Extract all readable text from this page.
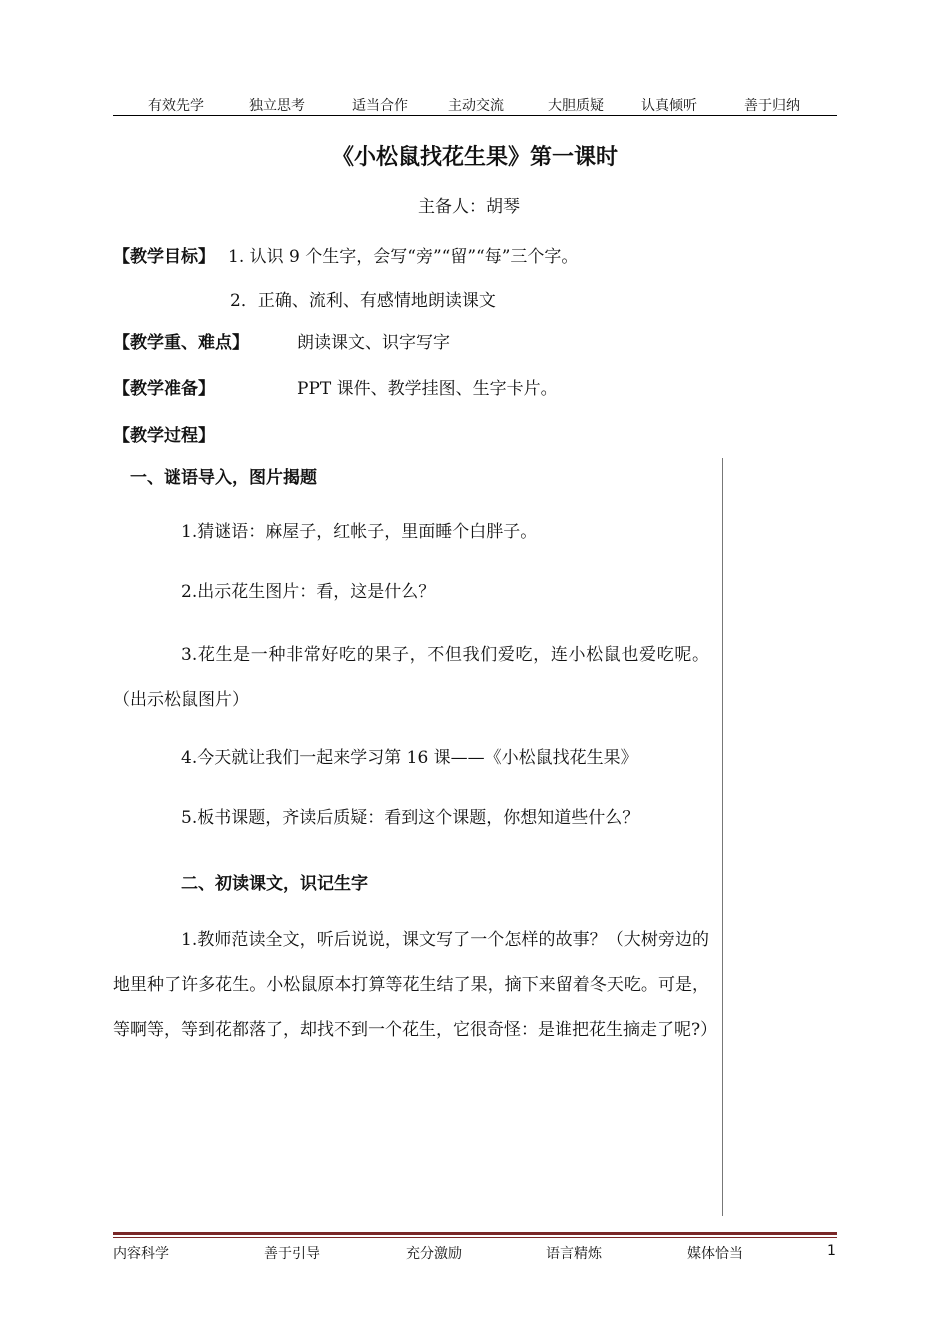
有效先学	独立思考	适当合作	主动交流	大胆质疑	认真倾听	善于归纳
《小松鼠找花生果》第一课时
主备人：胡琴
【教学目标】 1. 认识 9 个生字，会写“旁”“留”“每”三个字。
2．正确、流利、有感情地朗读课文
【教学重、难点】	朗读课文、识字写字
【教学准备】	PPT 课件、教学挂图、生字卡片。
【教学过程】
一、谜语导入，图片揭题
1.猜谜语：麻屋子，红帐子，里面睡个白胖子。
2.出示花生图片：看，这是什么？
3.花生是一种非常好吃的果子，不但我们爱吃，连小松鼠也爱吃呢。（出示松鼠图片）
4.今天就让我们一起来学习第 16 课——《小松鼠找花生果》
5.板书课题，齐读后质疑：看到这个课题，你想知道些什么？
二、初读课文，识记生字
1.教师范读全文，听后说说，课文写了一个怎样的故事？（大树旁边的地里种了许多花生。小松鼠原本打算等花生结了果，摘下来留着冬天吃。可是，等啊等，等到花都落了，却找不到一个花生，它很奇怪：是谁把花生摘走了呢?）
内容科学	善于引导	充分激励	语言精炼	媒体恰当	1
